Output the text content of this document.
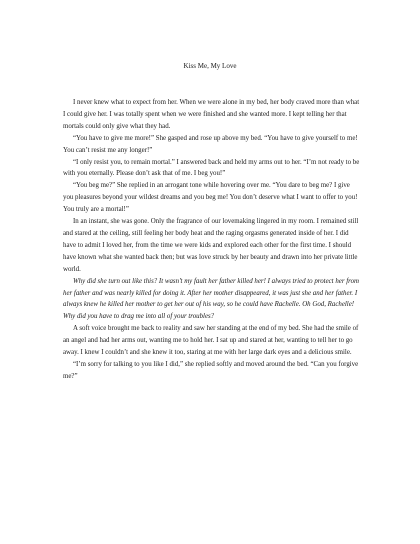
Kiss Me, My Love

I never knew what to expect from her. When we were alone in my bed, her body craved more than what I could give her. I was totally spent when we were finished and she wanted more. I kept telling her that mortals could only give what they had.

“You have to give me more!” She gasped and rose up above my bed. “You have to give yourself to me! You can’t resist me any longer!”

“I only resist you, to remain mortal.” I answered back and held my arms out to her. “I’m not ready to be with you eternally. Please don’t ask that of me. I beg you!”

“You beg me?” She replied in an arrogant tone while hovering over me. “You dare to beg me? I give you pleasures beyond your wildest dreams and you beg me! You don’t deserve what I want to offer to you! You truly are a mortal!”

In an instant, she was gone. Only the fragrance of our lovemaking lingered in my room. I remained still and stared at the ceiling, still feeling her body heat and the raging orgasms generated inside of her. I did have to admit I loved her, from the time we were kids and explored each other for the first time. I should have known what she wanted back then; but was love struck by her beauty and drawn into her private little world.

Why did she turn out like this? It wasn’t my fault her father killed her! I always tried to protect her from her father and was nearly killed for doing it. After her mother disappeared, it was just she and her father. I always knew he killed her mother to get her out of his way, so he could have Rachelle. Oh God, Rachelle! Why did you have to drag me into all of your troubles?

A soft voice brought me back to reality and saw her standing at the end of my bed. She had the smile of an angel and had her arms out, wanting me to hold her. I sat up and stared at her, wanting to tell her to go away. I knew I couldn’t and she knew it too, staring at me with her large dark eyes and a delicious smile.

“I’m sorry for talking to you like I did,” she replied softly and moved around the bed. “Can you forgive me?”
